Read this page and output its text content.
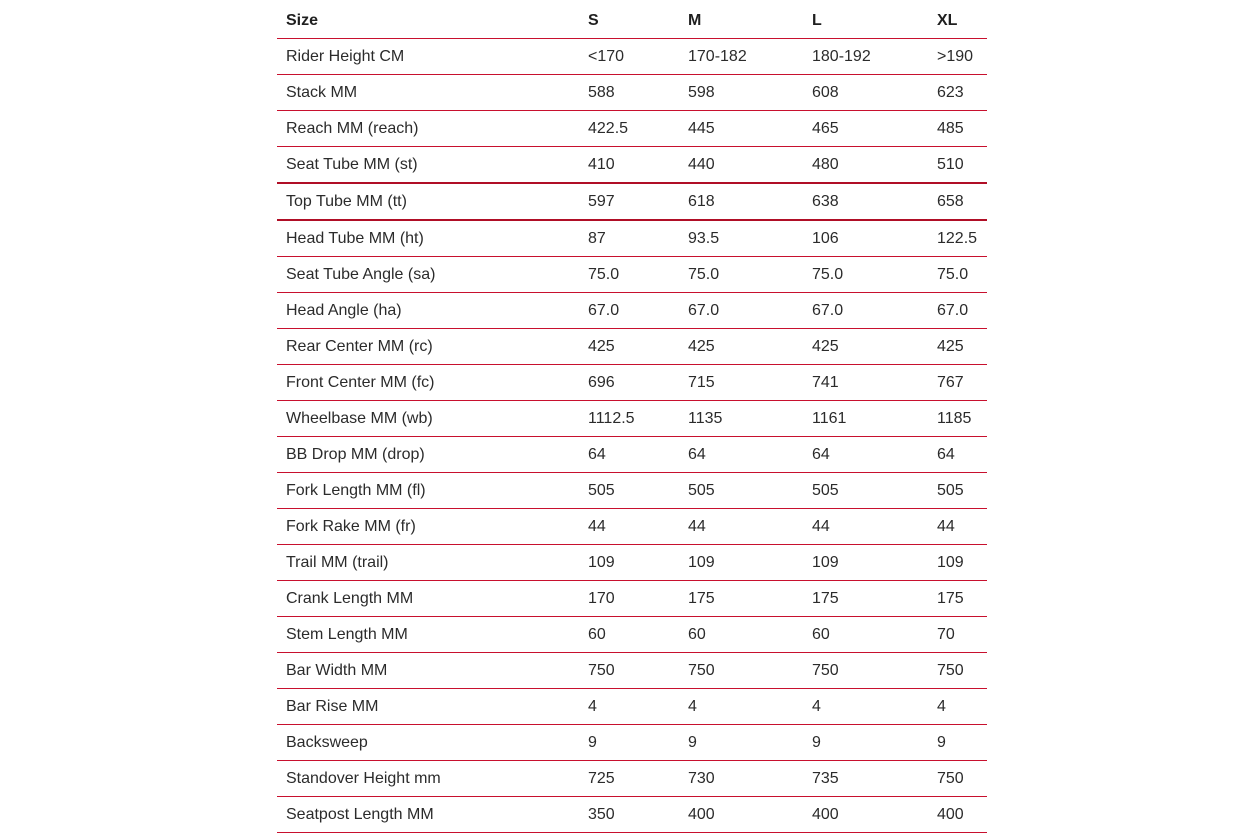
Size	S	M	L	XL
Rider Height CM	<170	170-182	180-192	>190
Stack MM	588	598	608	623
Reach MM (reach)	422.5	445	465	485
Seat Tube MM (st)	410	440	480	510
Top Tube MM (tt)	597	618	638	658
Head Tube MM (ht)	87	93.5	106	122.5
Seat Tube Angle (sa)	75.0	75.0	75.0	75.0
Head Angle (ha)	67.0	67.0	67.0	67.0
Rear Center MM (rc)	425	425	425	425
Front Center MM (fc)	696	715	741	767
Wheelbase MM (wb)	1112.5	1135	1161	1185
BB Drop MM (drop)	64	64	64	64
Fork Length MM (fl)	505	505	505	505
Fork Rake MM (fr)	44	44	44	44
Trail MM (trail)	109	109	109	109
Crank Length MM	170	175	175	175
Stem Length MM	60	60	60	70
Bar Width MM	750	750	750	750
Bar Rise MM	4	4	4	4
Backsweep	9	9	9	9
Standover Height mm	725	730	735	750
Seatpost Length MM	350	400	400	400
